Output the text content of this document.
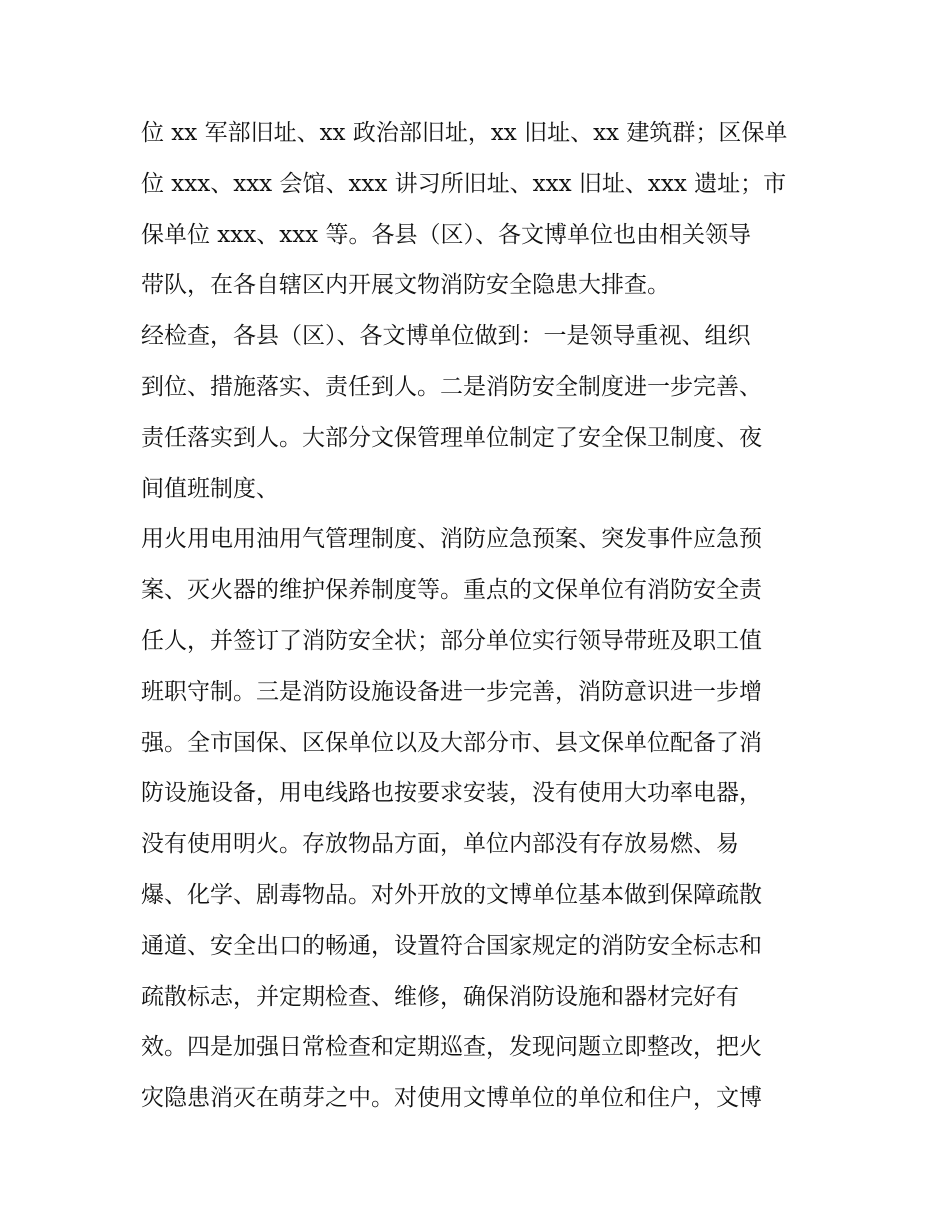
位 xx 军部旧址、xx 政治部旧址，xx 旧址、xx 建筑群；区保单
位 xxx、xxx 会馆、xxx 讲习所旧址、xxx 旧址、xxx 遗址；市
保单位 xxx、xxx 等。各县（区）、各文博单位也由相关领导
带队，在各自辖区内开展文物消防安全隐患大排查。
经检查，各县（区）、各文博单位做到：一是领导重视、组织
到位、措施落实、责任到人。二是消防安全制度进一步完善、
责任落实到人。大部分文保管理单位制定了安全保卫制度、夜
间值班制度、
用火用电用油用气管理制度、消防应急预案、突发事件应急预
案、灭火器的维护保养制度等。重点的文保单位有消防安全责
任人，并签订了消防安全状；部分单位实行领导带班及职工值
班职守制。三是消防设施设备进一步完善，消防意识进一步增
强。全市国保、区保单位以及大部分市、县文保单位配备了消
防设施设备，用电线路也按要求安装，没有使用大功率电器，
没有使用明火。存放物品方面，单位内部没有存放易燃、易
爆、化学、剧毒物品。对外开放的文博单位基本做到保障疏散
通道、安全出口的畅通，设置符合国家规定的消防安全标志和
疏散标志，并定期检查、维修，确保消防设施和器材完好有
效。四是加强日常检查和定期巡查，发现问题立即整改，把火
灾隐患消灭在萌芽之中。对使用文博单位的单位和住户，文博
